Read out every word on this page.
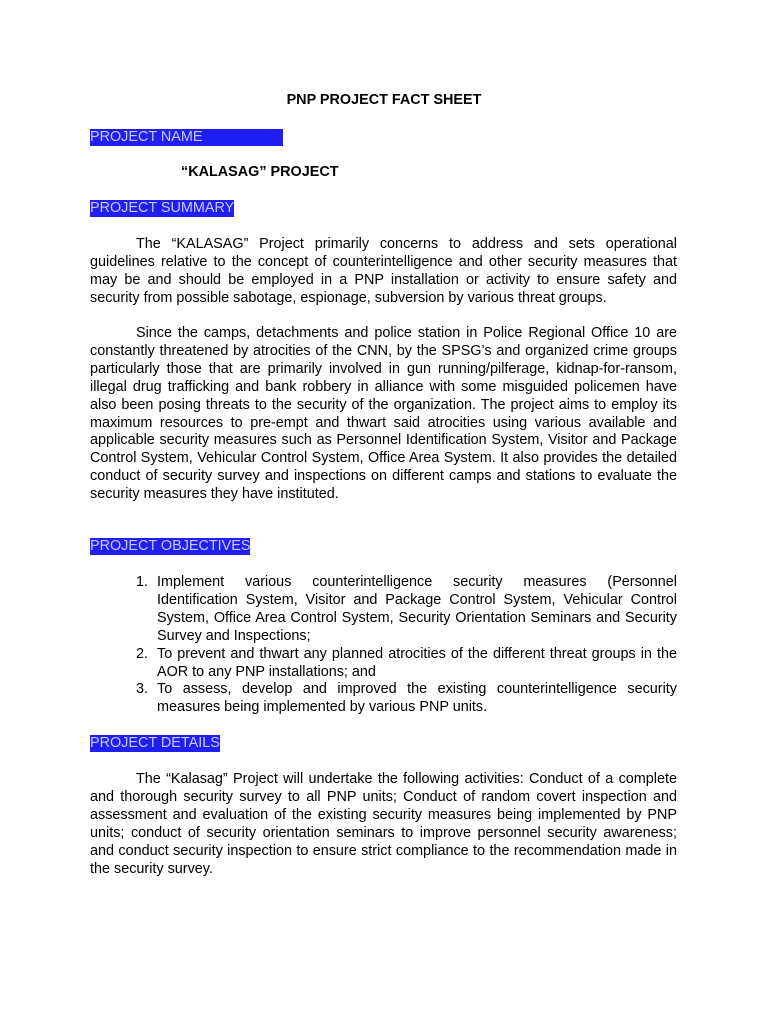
PNP PROJECT FACT SHEET
PROJECT NAME
“KALASAG” PROJECT
PROJECT SUMMARY

The “KALASAG” Project primarily concerns to address and sets operational guidelines relative to the concept of counterintelligence and other security measures that may be and should be employed in a PNP installation or activity to ensure safety and security from possible sabotage, espionage, subversion by various threat groups.

Since the camps, detachments and police station in Police Regional Office 10 are constantly threatened by atrocities of the CNN, by the SPSG’s and organized crime groups particularly those that are primarily involved in gun running/pilferage, kidnap-for-ransom, illegal drug trafficking and bank robbery in alliance with some misguided policemen have also been posing threats to the security of the organization. The project aims to employ its maximum resources to pre-empt and thwart said atrocities using various available and applicable security measures such as Personnel Identification System, Visitor and Package Control System, Vehicular Control System, Office Area System. It also provides the detailed conduct of security survey and inspections on different camps and stations to evaluate the security measures they have instituted.

PROJECT OBJECTIVES
1. Implement various counterintelligence security measures (Personnel Identification System, Visitor and Package Control System, Vehicular Control System, Office Area Control System, Security Orientation Seminars and Security Survey and Inspections;
2. To prevent and thwart any planned atrocities of the different threat groups in the AOR to any PNP installations; and
3. To assess, develop and improved the existing counterintelligence security measures being implemented by various PNP units.
PROJECT DETAILS

The “Kalasag” Project will undertake the following activities: Conduct of a complete and thorough security survey to all PNP units; Conduct of random covert inspection and assessment and evaluation of the existing security measures being implemented by PNP units; conduct of security orientation seminars to improve personnel security awareness; and conduct security inspection to ensure strict compliance to the recommendation made in the security survey.
